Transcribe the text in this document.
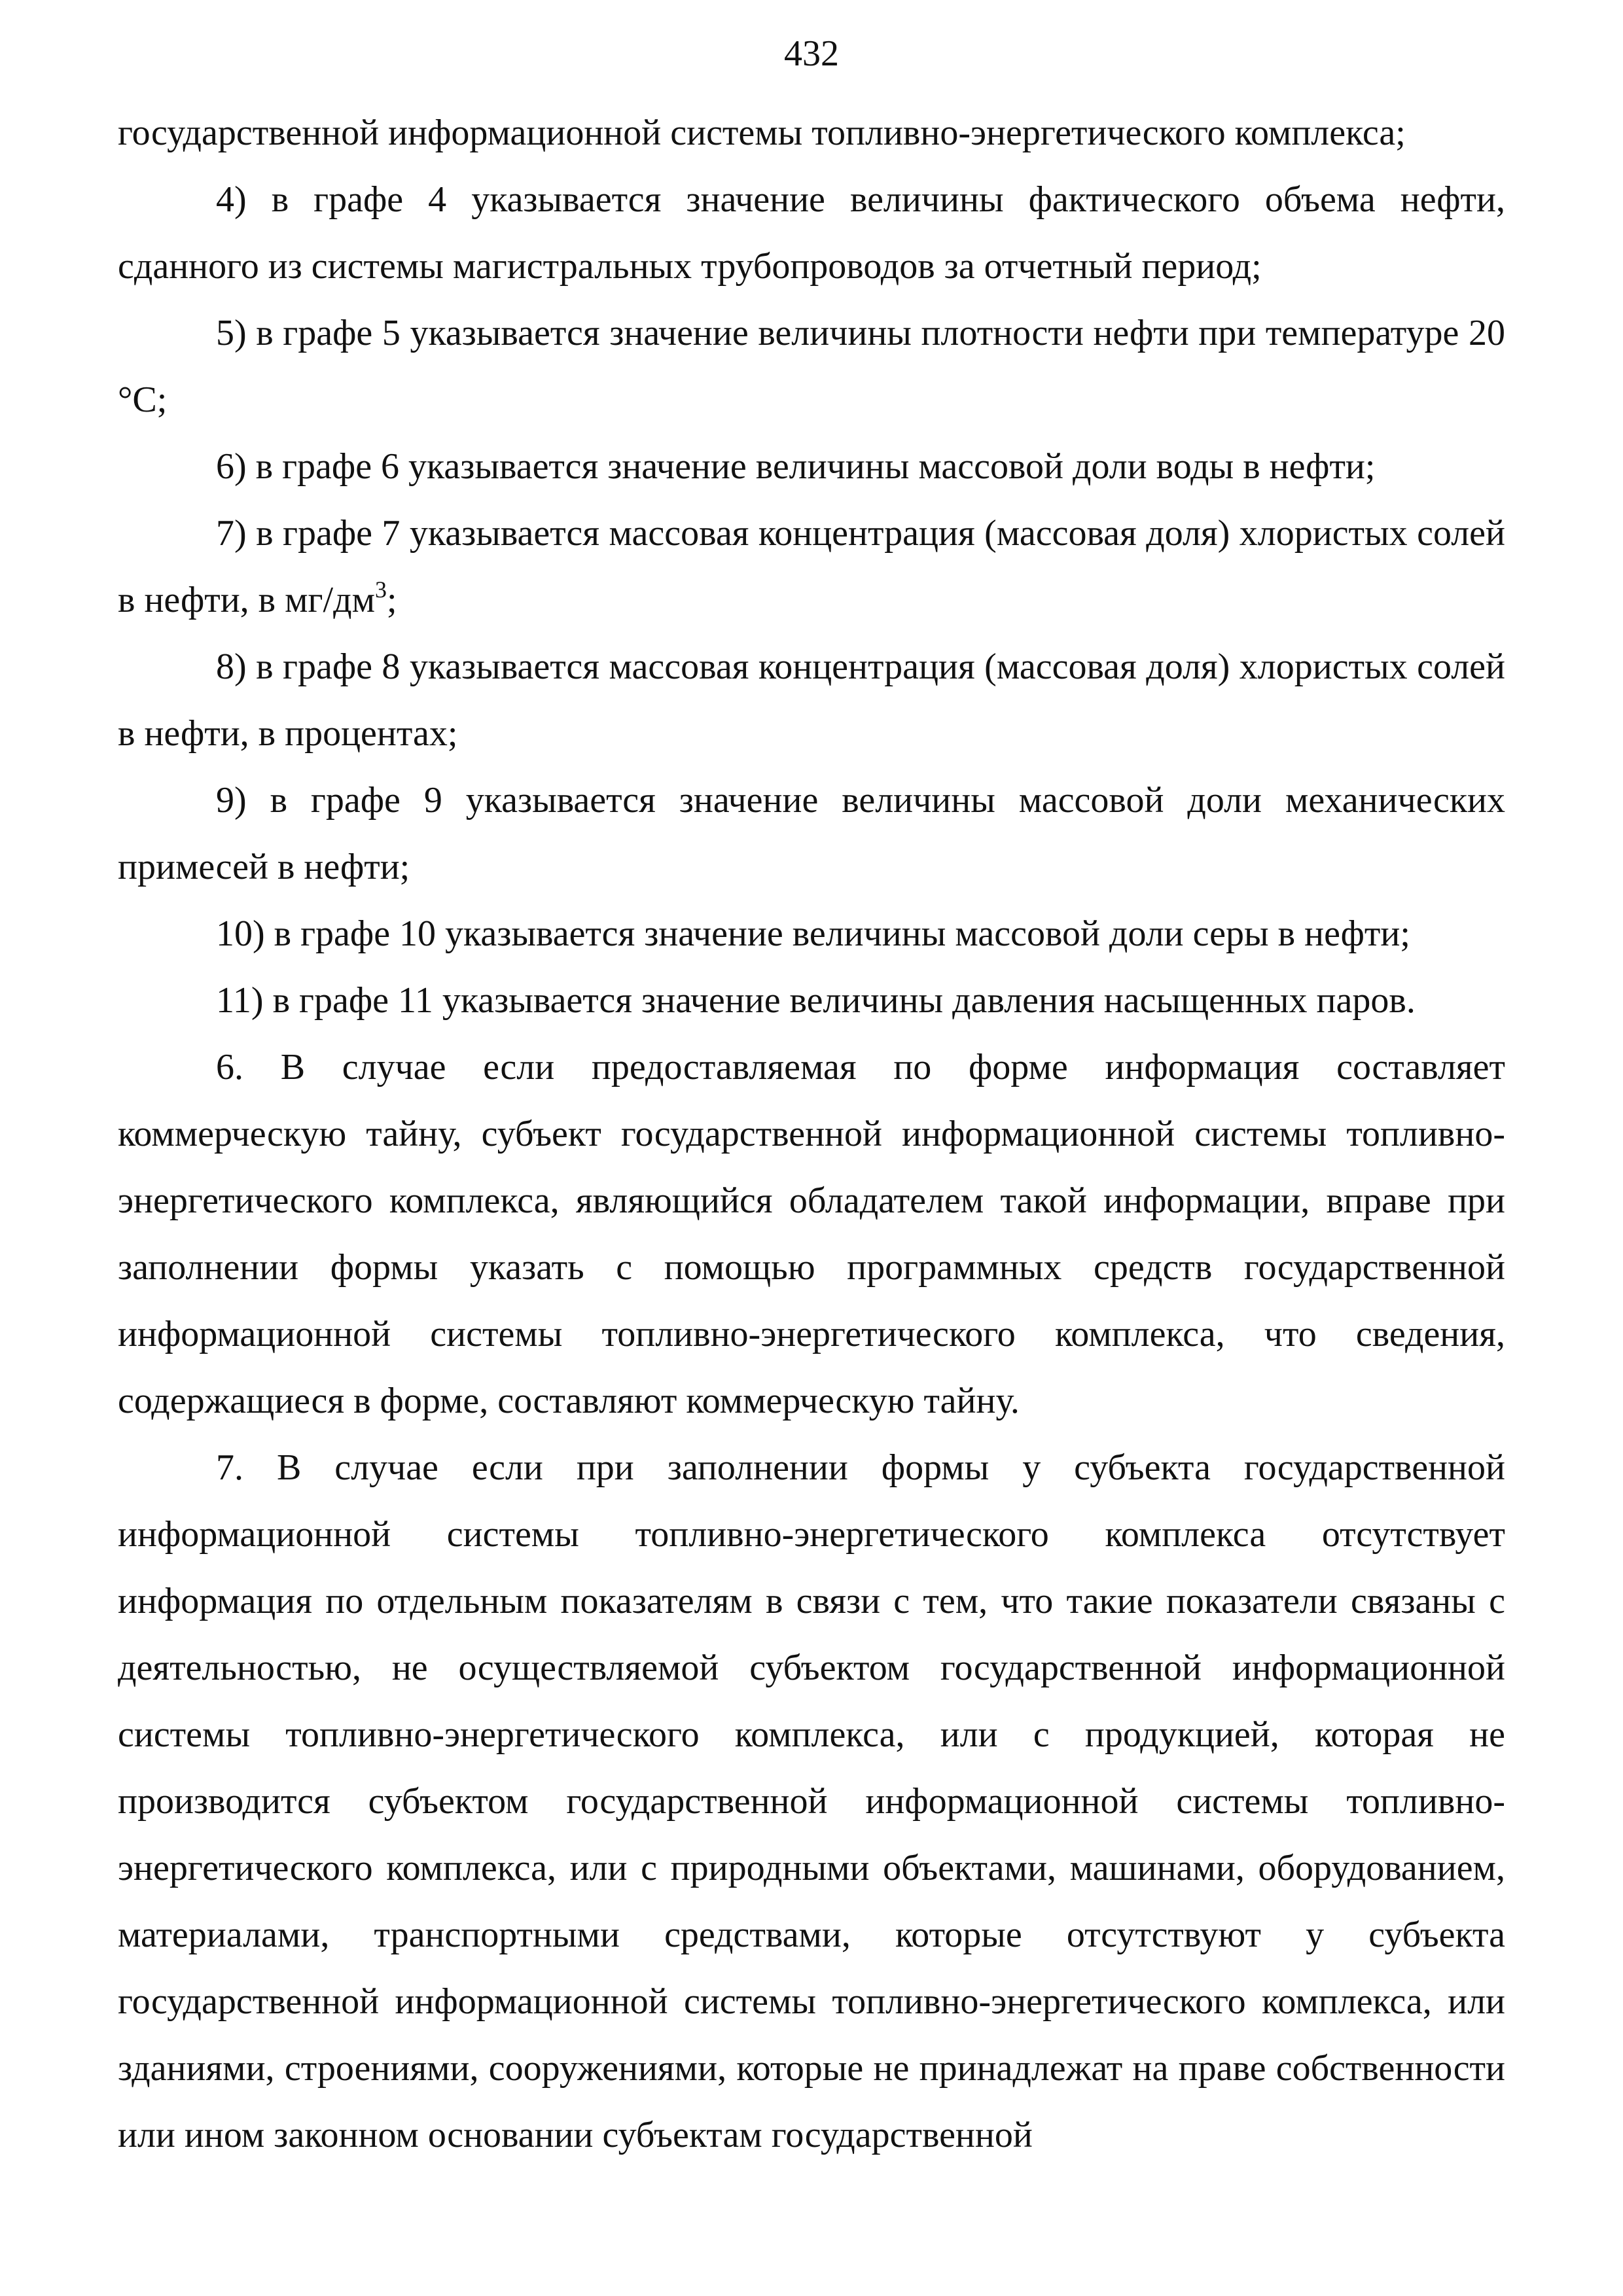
432

государственной информационной системы топливно-энергетического комплекса;

4) в графе 4 указывается значение величины фактического объема нефти, сданного из системы магистральных трубопроводов за отчетный период;

5) в графе 5 указывается значение величины плотности нефти при температуре 20 °С;

6) в графе 6 указывается значение величины массовой доли воды в нефти;

7) в графе 7 указывается массовая концентрация (массовая доля) хлористых солей в нефти, в $мг/дм^3$;

8) в графе 8 указывается массовая концентрация (массовая доля) хлористых солей в нефти, в процентах;

9) в графе 9 указывается значение величины массовой доли механических примесей в нефти;

10) в графе 10 указывается значение величины массовой доли серы в нефти;

11) в графе 11 указывается значение величины давления насыщенных паров.

6. В случае если предоставляемая по форме информация составляет коммерческую тайну, субъект государственной информационной системы топливно-энергетического комплекса, являющийся обладателем такой информации, вправе при заполнении формы указать с помощью программных средств государственной информационной системы топливно-энергетического комплекса, что сведения, содержащиеся в форме, составляют коммерческую тайну.

7. В случае если при заполнении формы у субъекта государственной информационной системы топливно-энергетического комплекса отсутствует информация по отдельным показателям в связи с тем, что такие показатели связаны с деятельностью, не осуществляемой субъектом государственной информационной системы топливно-энергетического комплекса, или с продукцией, которая не производится субъектом государственной информационной системы топливно-энергетического комплекса, или с природными объектами, машинами, оборудованием, материалами, транспортными средствами, которые отсутствуют у субъекта государственной информационной системы топливно-энергетического комплекса, или зданиями, строениями, сооружениями, которые не принадлежат на праве собственности или ином законном основании субъектам государственной
